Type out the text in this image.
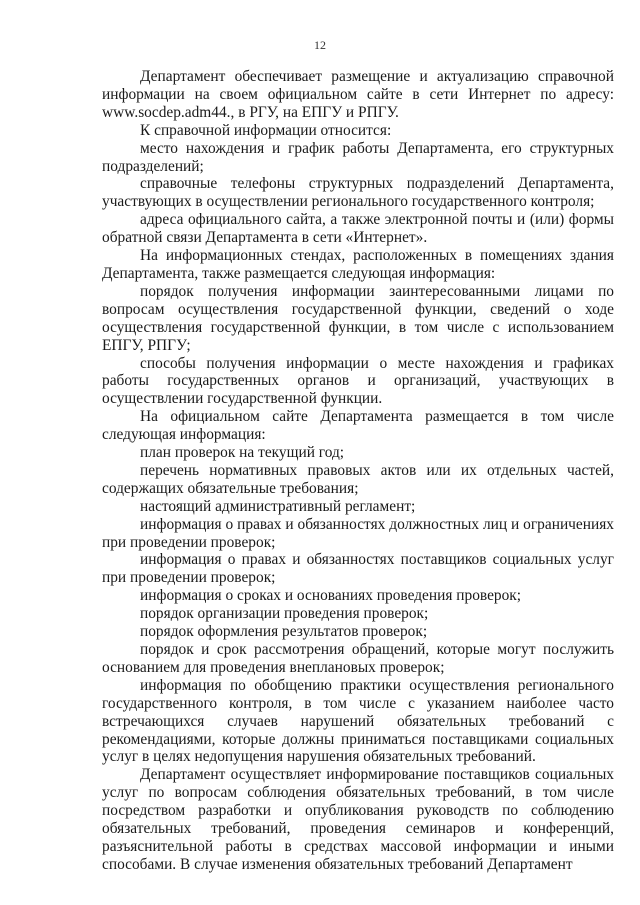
12

Департамент обеспечивает размещение и актуализацию справочной информации на своем официальном сайте в сети Интернет по адресу: www.socdep.adm44., в РГУ, на ЕПГУ и РПГУ.

К справочной информации относится:

место нахождения и график работы Департамента, его структурных подразделений;

справочные телефоны структурных подразделений Департамента, участвующих в осуществлении регионального государственного контроля;

адреса официального сайта, а также электронной почты и (или) формы обратной связи Департамента в сети «Интернет».

На информационных стендах, расположенных в помещениях здания Департамента, также размещается следующая информация:

порядок получения информации заинтересованными лицами по вопросам осуществления государственной функции, сведений о ходе осуществления государственной функции, в том числе с использованием ЕПГУ, РПГУ;

способы получения информации о месте нахождения и графиках работы государственных органов и организаций, участвующих в осуществлении государственной функции.

На официальном сайте Департамента размещается в том числе следующая информация:

план проверок на текущий год;

перечень нормативных правовых актов или их отдельных частей, содержащих обязательные требования;

настоящий административный регламент;

информация о правах и обязанностях должностных лиц и ограничениях при проведении проверок;

информация о правах и обязанностях поставщиков социальных услуг при проведении проверок;

информация о сроках и основаниях проведения проверок;

порядок организации проведения проверок;

порядок оформления результатов проверок;

порядок и срок рассмотрения обращений, которые могут послужить основанием для проведения внеплановых проверок;

информация по обобщению практики осуществления регионального государственного контроля, в том числе с указанием наиболее часто встречающихся случаев нарушений обязательных требований с рекомендациями, которые должны приниматься поставщиками социальных услуг в целях недопущения нарушения обязательных требований.

Департамент осуществляет информирование поставщиков социальных услуг по вопросам соблюдения обязательных требований, в том числе посредством разработки и опубликования руководств по соблюдению обязательных требований, проведения семинаров и конференций, разъяснительной работы в средствах массовой информации и иными способами. В случае изменения обязательных требований Департамент
